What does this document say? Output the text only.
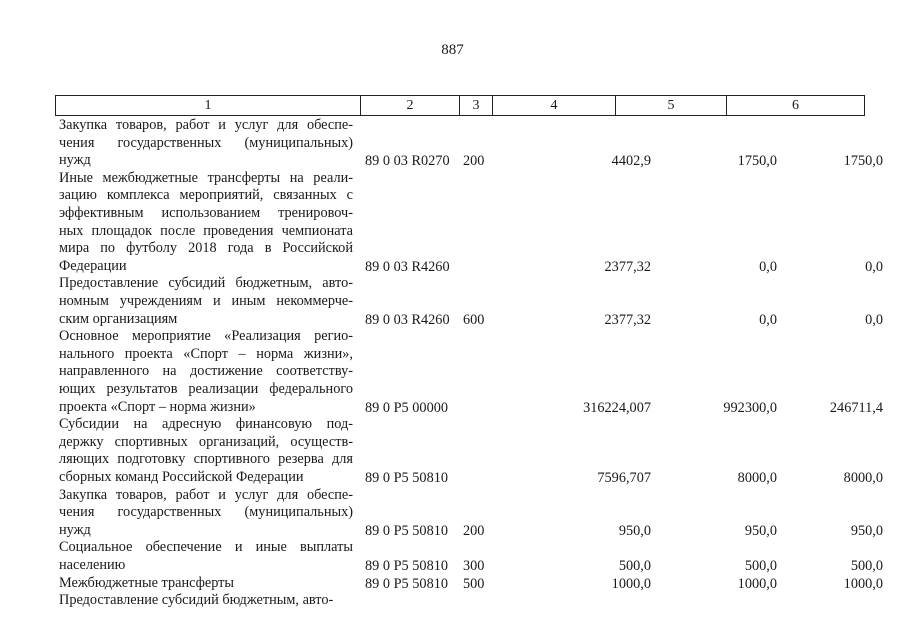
887
1	2	3	4	5	6
Закупка товаров, работ и услуг для обеспе-
чения государственных (муниципальных)
нужд	89 0 03 R0270 200	4402,9	1750,0	1750,0
Иные межбюджетные трансферты на реали-
зацию комплекса мероприятий, связанных с
эффективным использованием тренировоч-
ных площадок после проведения чемпионата
мира по футболу 2018 года в Российской
Федерации	89 0 03 R4260	2377,32	0,0	0,0
Предоставление субсидий бюджетным, авто-
номным учреждениям и иным некоммерче-
ским организациям	89 0 03 R4260 600	2377,32	0,0	0,0
Основное мероприятие «Реализация регио-
нального проекта «Спорт – норма жизни»,
направленного на достижение соответству-
ющих результатов реализации федерального
проекта «Спорт – норма жизни»	89 0 P5 00000	316224,007	992300,0	246711,4
Субсидии на адресную финансовую под-
держку спортивных организаций, осуществ-
ляющих подготовку спортивного резерва для
сборных команд Российской Федерации	89 0 P5 50810	7596,707	8000,0	8000,0
Закупка товаров, работ и услуг для обеспе-
чения государственных (муниципальных)
нужд	89 0 P5 50810 200	950,0	950,0	950,0
Социальное обеспечение и иные выплаты
населению	89 0 P5 50810 300	500,0	500,0	500,0
Межбюджетные трансферты	89 0 P5 50810 500	1000,0	1000,0	1000,0
Предоставление субсидий бюджетным, авто-
